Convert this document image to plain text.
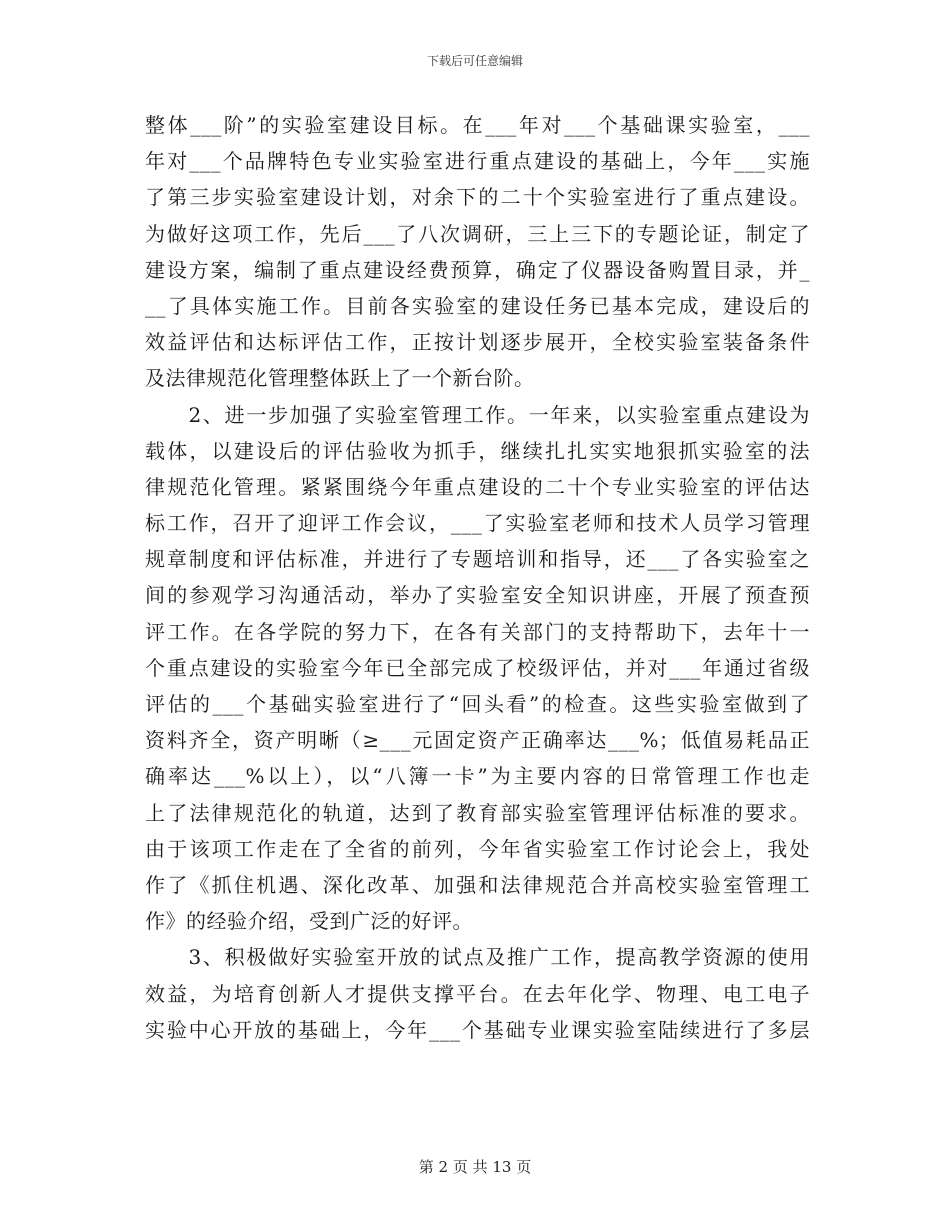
下载后可任意编辑
整体___阶”的实验室建设目标。在___年对___个基础课实验室，___
年对___个品牌特色专业实验室进行重点建设的基础上，今年___实施
了第三步实验室建设计划，对余下的二十个实验室进行了重点建设。
为做好这项工作，先后___了八次调研，三上三下的专题论证，制定了
建设方案，编制了重点建设经费预算，确定了仪器设备购置目录，并_
__了具体实施工作。目前各实验室的建设任务已基本完成，建设后的
效益评估和达标评估工作，正按计划逐步展开，全校实验室装备条件
及法律规范化管理整体跃上了一个新台阶。
　　2、进一步加强了实验室管理工作。一年来，以实验室重点建设为
载体，以建设后的评估验收为抓手，继续扎扎实实地狠抓实验室的法
律规范化管理。紧紧围绕今年重点建设的二十个专业实验室的评估达
标工作，召开了迎评工作会议，___了实验室老师和技术人员学习管理
规章制度和评估标准，并进行了专题培训和指导，还___了各实验室之
间的参观学习沟通活动，举办了实验室安全知识讲座，开展了预查预
评工作。在各学院的努力下，在各有关部门的支持帮助下，去年十一
个重点建设的实验室今年已全部完成了校级评估，并对___年通过省级
评估的___个基础实验室进行了“回头看”的检查。这些实验室做到了
资料齐全，资产明晰（≥___元固定资产正确率达___%；低值易耗品正
确率达___%以上），以“八簿一卡”为主要内容的日常管理工作也走
上了法律规范化的轨道，达到了教育部实验室管理评估标准的要求。
由于该项工作走在了全省的前列，今年省实验室工作讨论会上，我处
作了《抓住机遇、深化改革、加强和法律规范合并高校实验室管理工
作》的经验介绍，受到广泛的好评。
　　3、积极做好实验室开放的试点及推广工作，提高教学资源的使用
效益，为培育创新人才提供支撑平台。在去年化学、物理、电工电子
实验中心开放的基础上，今年___个基础专业课实验室陆续进行了多层
第 2 页 共 13 页
